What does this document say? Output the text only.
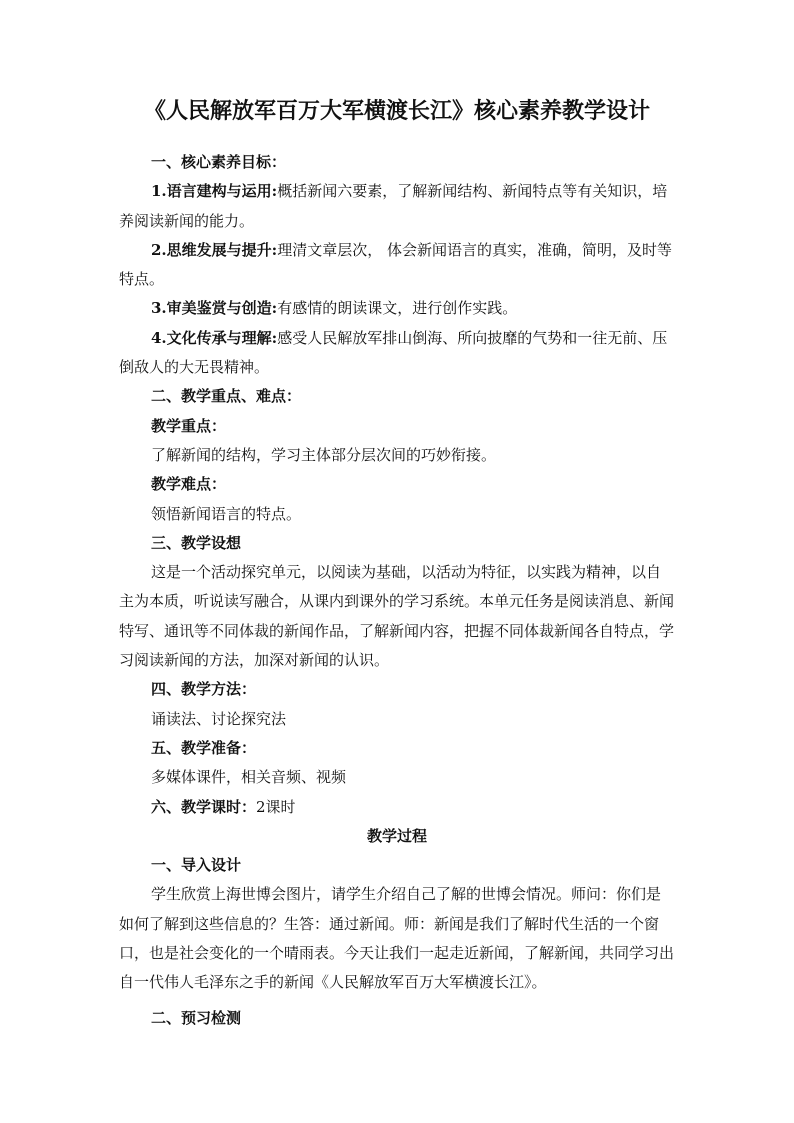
《人民解放军百万大军横渡长江》核心素养教学设计

一、核心素养目标：

1.语言建构与运用:概括新闻六要素，了解新闻结构、新闻特点等有关知识，培养阅读新闻的能力。

2.思维发展与提升:理清文章层次， 体会新闻语言的真实，准确，简明，及时等特点。

3.审美鉴赏与创造:有感情的朗读课文，进行创作实践。

4.文化传承与理解:感受人民解放军排山倒海、所向披靡的气势和一往无前、压倒敌人的大无畏精神。

二、教学重点、难点：

教学重点：

了解新闻的结构，学习主体部分层次间的巧妙衔接。

教学难点：

领悟新闻语言的特点。

三、教学设想

这是一个活动探究单元，以阅读为基础，以活动为特征，以实践为精神，以自主为本质，听说读写融合，从课内到课外的学习系统。本单元任务是阅读消息、新闻特写、通讯等不同体裁的新闻作品，了解新闻内容，把握不同体裁新闻各自特点，学习阅读新闻的方法，加深对新闻的认识。

四、教学方法：

诵读法、讨论探究法

五、教学准备：

多媒体课件，相关音频、视频

六、教学课时：2课时

教学过程

一、导入设计

学生欣赏上海世博会图片，请学生介绍自己了解的世博会情况。师问：你们是如何了解到这些信息的？生答：通过新闻。师：新闻是我们了解时代生活的一个窗口，也是社会变化的一个晴雨表。今天让我们一起走近新闻，了解新闻，共同学习出自一代伟人毛泽东之手的新闻《人民解放军百万大军横渡长江》。

二、预习检测
